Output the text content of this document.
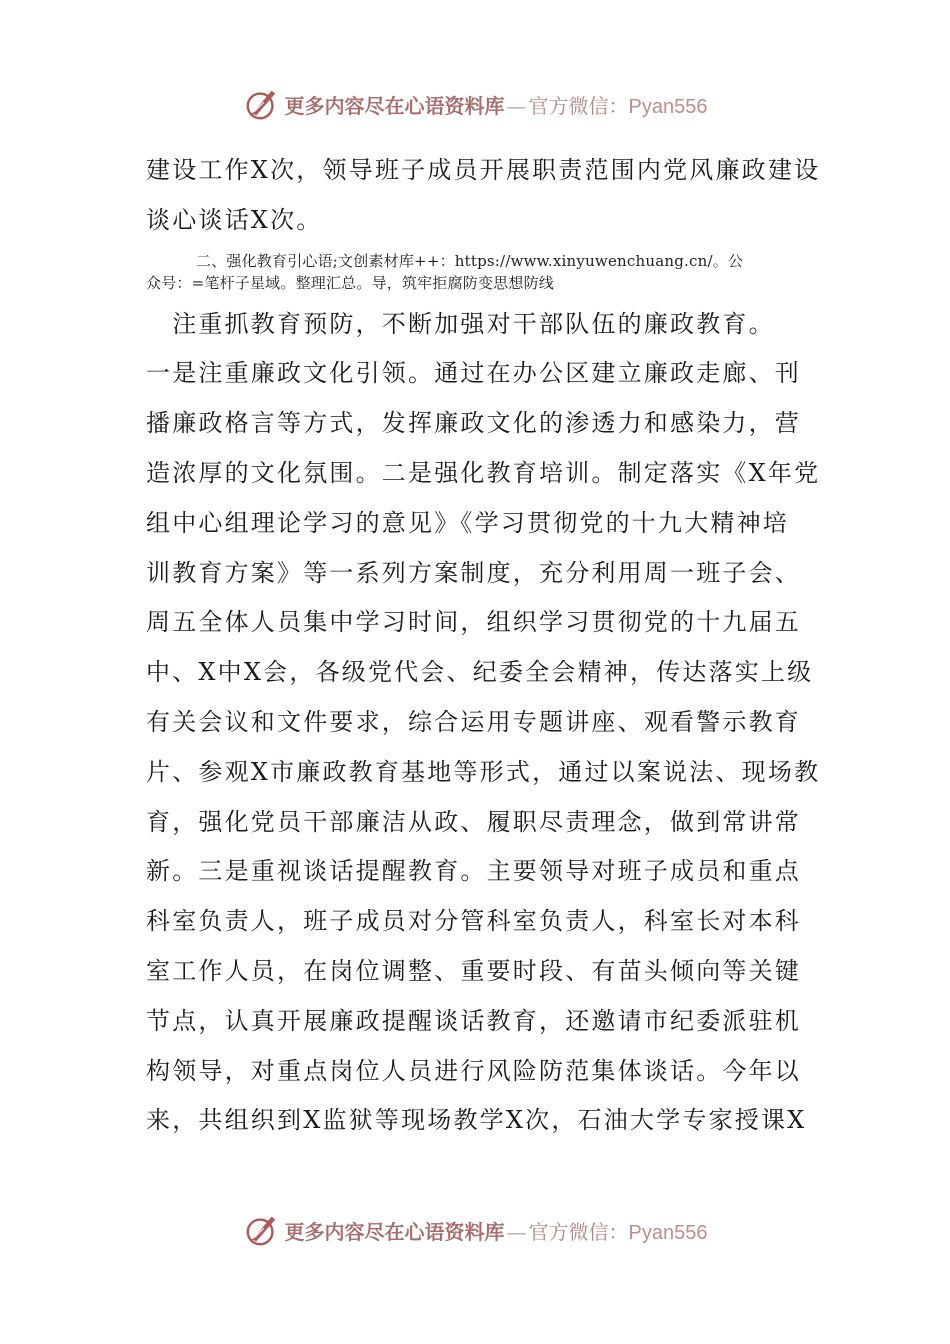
更多内容尽在心语资料库 — 官方微信：Pyan556
建设工作X次，领导班子成员开展职责范围内党风廉政建设
谈心谈话X次。
二、强化教育引心语;文创素材库++：https://www.xinyuwenchuang.cn/。公
众号：=笔杆子星域。整理汇总。导，筑牢拒腐防变思想防线
　注重抓教育预防，不断加强对干部队伍的廉政教育。
一是注重廉政文化引领。通过在办公区建立廉政走廊、刊
播廉政格言等方式，发挥廉政文化的渗透力和感染力，营
造浓厚的文化氛围。二是强化教育培训。制定落实《X年党
组中心组理论学习的意见》《学习贯彻党的十九大精神培
训教育方案》等一系列方案制度，充分利用周一班子会、
周五全体人员集中学习时间，组织学习贯彻党的十九届五
中、X中X会，各级党代会、纪委全会精神，传达落实上级
有关会议和文件要求，综合运用专题讲座、观看警示教育
片、参观X市廉政教育基地等形式，通过以案说法、现场教
育，强化党员干部廉洁从政、履职尽责理念，做到常讲常
新。三是重视谈话提醒教育。主要领导对班子成员和重点
科室负责人，班子成员对分管科室负责人，科室长对本科
室工作人员，在岗位调整、重要时段、有苗头倾向等关键
节点，认真开展廉政提醒谈话教育，还邀请市纪委派驻机
构领导，对重点岗位人员进行风险防范集体谈话。今年以
来，共组织到X监狱等现场教学X次，石油大学专家授课X
更多内容尽在心语资料库 — 官方微信：Pyan556
